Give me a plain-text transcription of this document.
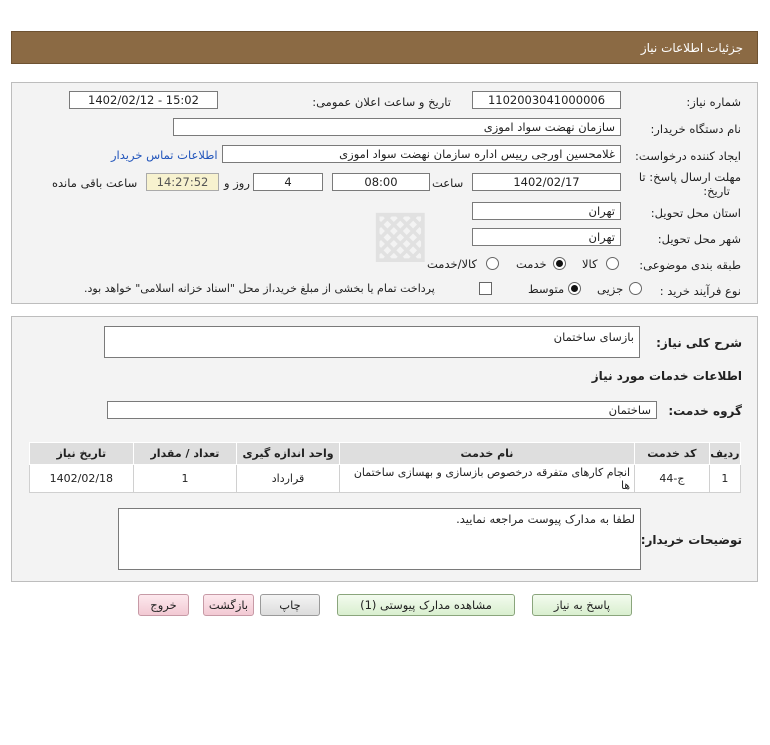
جزئیات اطلاعات نیاز
▩
شماره نیاز:
1102003041000006
تاریخ و ساعت اعلان عمومی:
1402/02/12 - 15:02
نام دستگاه خریدار:
سازمان نهضت سواد اموزی
ایجاد کننده درخواست:
غلامحسین اورجی رییس اداره سازمان نهضت سواد اموزی
اطلاعات تماس خریدار
مهلت ارسال پاسخ: تا
تاریخ:
1402/02/17
ساعت
08:00
4
روز و
14:27:52
ساعت باقی مانده
استان محل تحویل:
تهران
شهر محل تحویل:
تهران
طبقه بندی موضوعی:
کالا
خدمت
کالا/خدمت
نوع فرآیند خرید :
جزیی
متوسط
پرداخت تمام یا بخشی از مبلغ خرید،از محل "اسناد خزانه اسلامی" خواهد بود.
شرح کلی نیاز:
بازسای ساختمان
اطلاعات خدمات مورد نیاز
گروه خدمت:
ساختمان
ردیف	کد خدمت	نام خدمت	واحد اندازه گیری	تعداد / مقدار	تاریخ نیاز
1	ج-44	انجام کارهای متفرقه درخصوص بازسازی و بهسازی ساختمان ها	قرارداد	1	1402/02/18
توضیحات خریدار:
لطفا به مدارک پیوست مراجعه نمایید.
پاسخ به نیاز
مشاهده مدارک پیوستی (1)
چاپ
بازگشت
خروج
